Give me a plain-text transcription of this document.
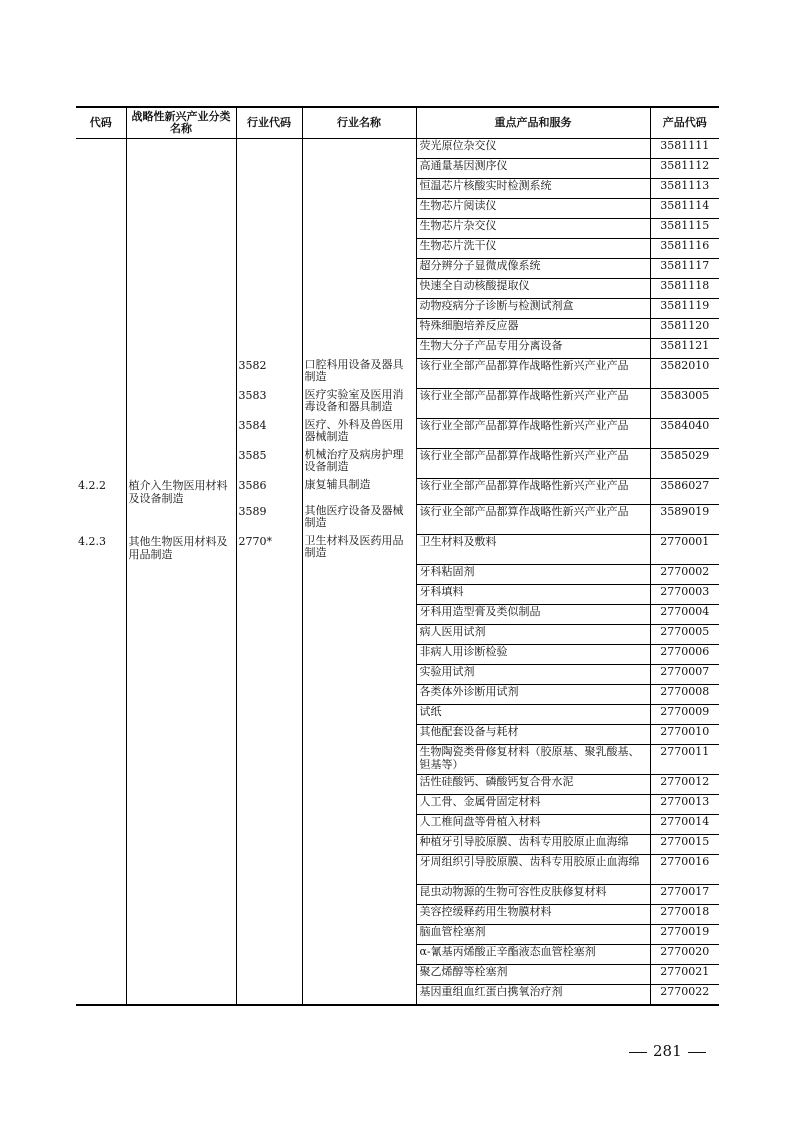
代码	战略性新兴产业分类名称	行业代码	行业名称	重点产品和服务	产品代码
				荧光原位杂交仪	3581111
				高通量基因测序仪	3581112
				恒温芯片核酸实时检测系统	3581113
				生物芯片阅读仪	3581114
				生物芯片杂交仪	3581115
				生物芯片洗干仪	3581116
				超分辨分子显微成像系统	3581117
				快速全自动核酸提取仪	3581118
				动物疫病分子诊断与检测试剂盒	3581119
				特殊细胞培养反应器	3581120
				生物大分子产品专用分离设备	3581121
		3582	口腔科用设备及器具制造	该行业全部产品都算作战略性新兴产业产品	3582010
		3583	医疗实验室及医用消毒设备和器具制造	该行业全部产品都算作战略性新兴产业产品	3583005
		3584	医疗、外科及兽医用器械制造	该行业全部产品都算作战略性新兴产业产品	3584040
		3585	机械治疗及病房护理设备制造	该行业全部产品都算作战略性新兴产业产品	3585029
4.2.2	植介入生物医用材料及设备制造	3586	康复辅具制造	该行业全部产品都算作战略性新兴产业产品	3586027
		3589	其他医疗设备及器械制造	该行业全部产品都算作战略性新兴产业产品	3589019
4.2.3	其他生物医用材料及用品制造	2770*	卫生材料及医药用品制造	卫生材料及敷料	2770001
				牙科粘固剂	2770002
				牙科填料	2770003
				牙科用造型膏及类似制品	2770004
				病人医用试剂	2770005
				非病人用诊断检验	2770006
				实验用试剂	2770007
				各类体外诊断用试剂	2770008
				试纸	2770009
				其他配套设备与耗材	2770010
				生物陶瓷类骨修复材料（胶原基、聚乳酸基、钽基等）	2770011
				活性硅酸钙、磷酸钙复合骨水泥	2770012
				人工骨、金属骨固定材料	2770013
				人工椎间盘等骨植入材料	2770014
				种植牙引导胶原膜、齿科专用胶原止血海绵	2770015
				牙周组织引导胶原膜、齿科专用胶原止血海绵	2770016
				昆虫动物源的生物可容性皮肤修复材料	2770017
				美容控缓释药用生物膜材料	2770018
				脑血管栓塞剂	2770019
				α-氰基丙烯酸正辛酯液态血管栓塞剂	2770020
				聚乙烯醇等栓塞剂	2770021
				基因重组血红蛋白携氧治疗剂	2770022
281
